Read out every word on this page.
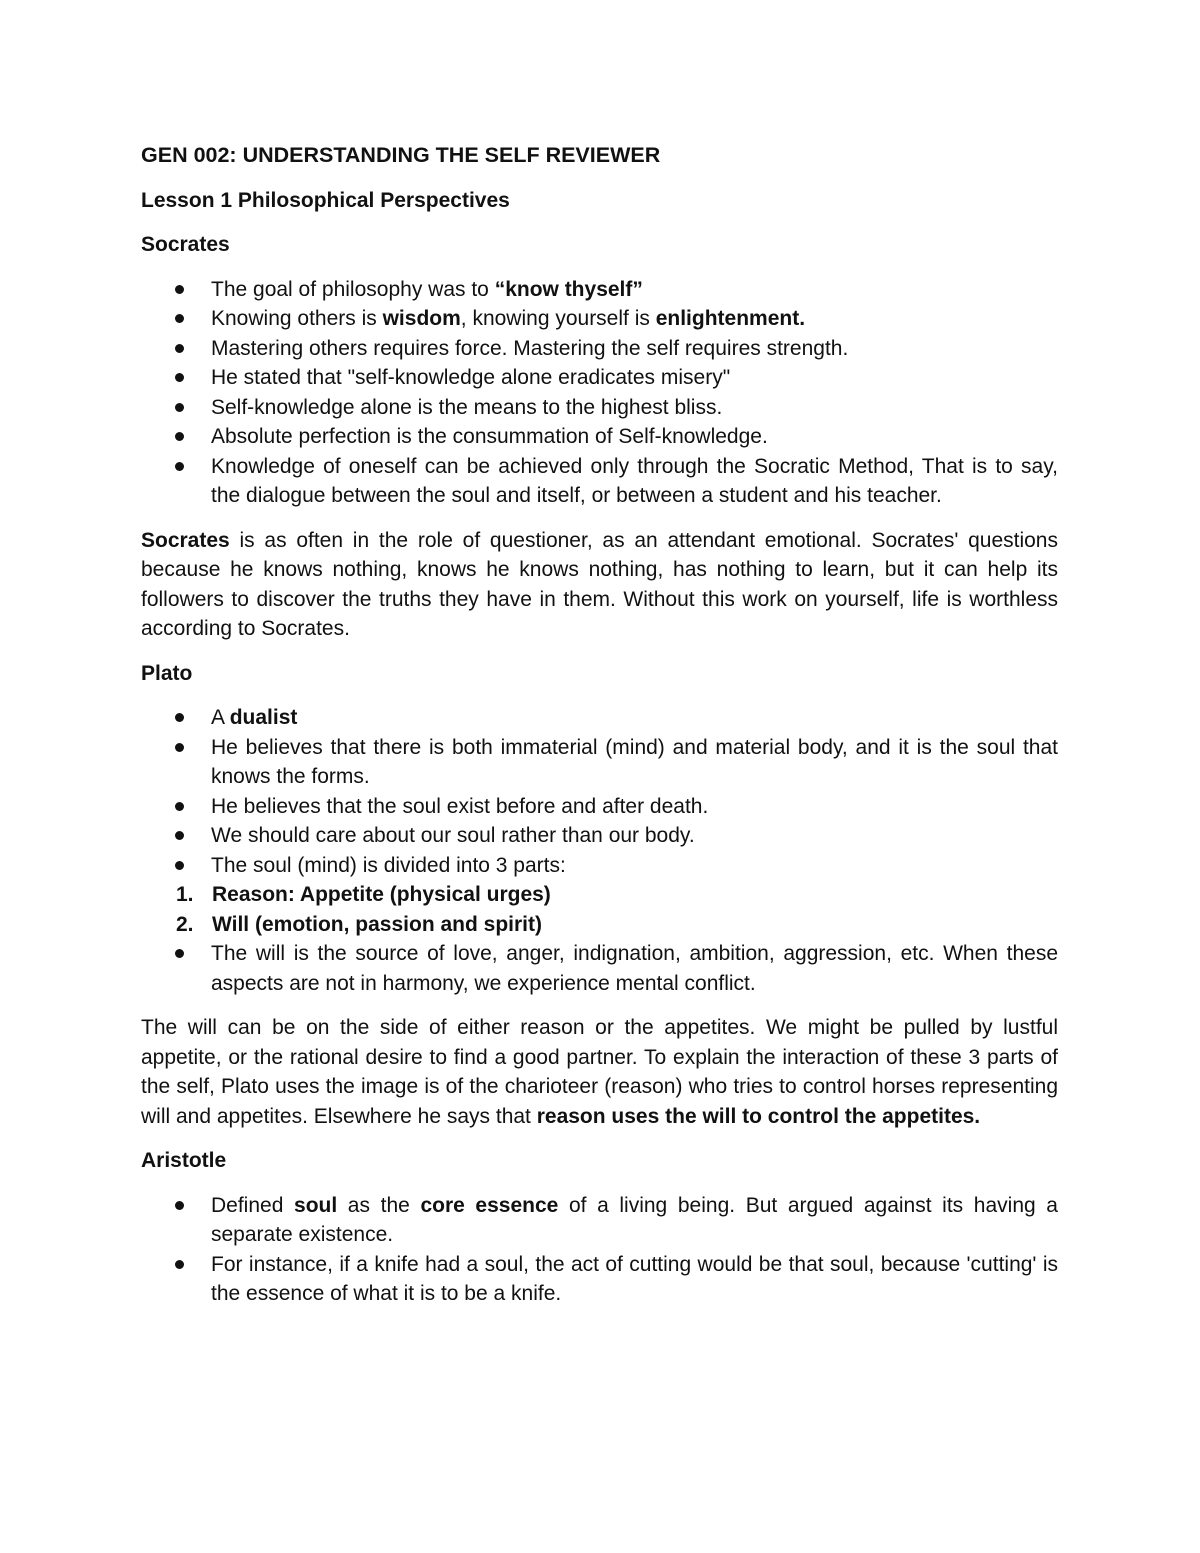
GEN 002: UNDERSTANDING THE SELF REVIEWER

Lesson 1 Philosophical Perspectives

Socrates

The goal of philosophy was to “know thyself”
Knowing others is wisdom, knowing yourself is enlightenment.
Mastering others requires force. Mastering the self requires strength.
He stated that "self-knowledge alone eradicates misery"
Self-knowledge alone is the means to the highest bliss.
Absolute perfection is the consummation of Self-knowledge.
Knowledge of oneself can be achieved only through the Socratic Method, That is to say, the dialogue between the soul and itself, or between a student and his teacher.

Socrates is as often in the role of questioner, as an attendant emotional. Socrates' questions because he knows nothing, knows he knows nothing, has nothing to learn, but it can help its followers to discover the truths they have in them. Without this work on yourself, life is worthless according to Socrates.

Plato

A dualist
He believes that there is both immaterial (mind) and material body, and it is the soul that knows the forms.
He believes that the soul exist before and after death.
We should care about our soul rather than our body.
The soul (mind) is divided into 3 parts:
1. Reason: Appetite (physical urges)
2. Will (emotion, passion and spirit)
The will is the source of love, anger, indignation, ambition, aggression, etc. When these aspects are not in harmony, we experience mental conflict.

The will can be on the side of either reason or the appetites. We might be pulled by lustful appetite, or the rational desire to find a good partner. To explain the interaction of these 3 parts of the self, Plato uses the image is of the charioteer (reason) who tries to control horses representing will and appetites. Elsewhere he says that reason uses the will to control the appetites.

Aristotle

Defined soul as the core essence of a living being. But argued against its having a separate existence.
For instance, if a knife had a soul, the act of cutting would be that soul, because 'cutting' is the essence of what it is to be a knife.
